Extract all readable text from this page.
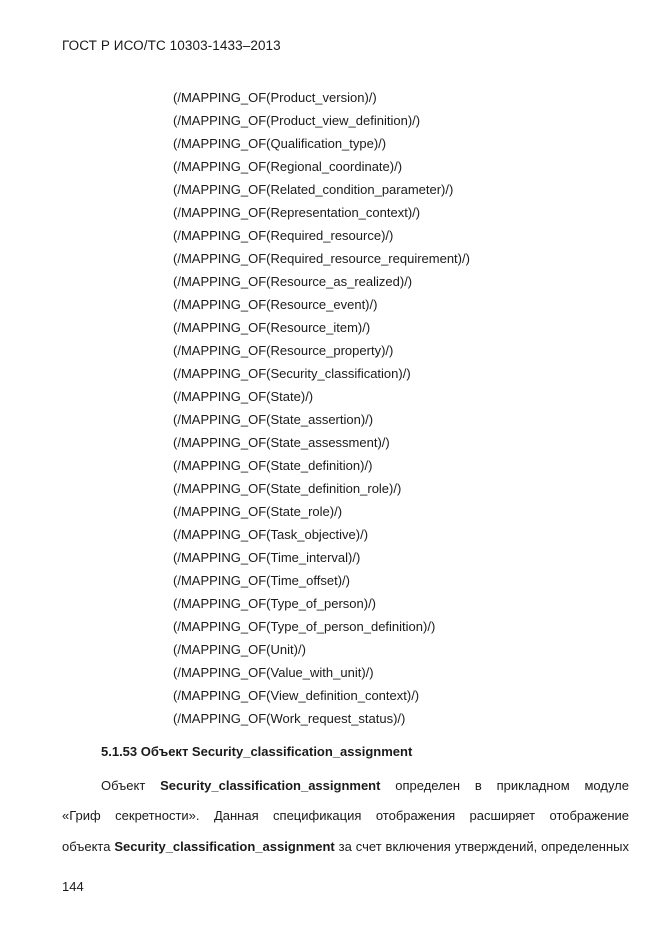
ГОСТ Р ИСО/ТС 10303-1433–2013
(/MAPPING_OF(Product_version)/)
(/MAPPING_OF(Product_view_definition)/)
(/MAPPING_OF(Qualification_type)/)
(/MAPPING_OF(Regional_coordinate)/)
(/MAPPING_OF(Related_condition_parameter)/)
(/MAPPING_OF(Representation_context)/)
(/MAPPING_OF(Required_resource)/)
(/MAPPING_OF(Required_resource_requirement)/)
(/MAPPING_OF(Resource_as_realized)/)
(/MAPPING_OF(Resource_event)/)
(/MAPPING_OF(Resource_item)/)
(/MAPPING_OF(Resource_property)/)
(/MAPPING_OF(Security_classification)/)
(/MAPPING_OF(State)/)
(/MAPPING_OF(State_assertion)/)
(/MAPPING_OF(State_assessment)/)
(/MAPPING_OF(State_definition)/)
(/MAPPING_OF(State_definition_role)/)
(/MAPPING_OF(State_role)/)
(/MAPPING_OF(Task_objective)/)
(/MAPPING_OF(Time_interval)/)
(/MAPPING_OF(Time_offset)/)
(/MAPPING_OF(Type_of_person)/)
(/MAPPING_OF(Type_of_person_definition)/)
(/MAPPING_OF(Unit)/)
(/MAPPING_OF(Value_with_unit)/)
(/MAPPING_OF(View_definition_context)/)
(/MAPPING_OF(Work_request_status)/)
5.1.53 Объект Security_classification_assignment
Объект Security_classification_assignment определен в прикладном модуле
«Гриф секретности». Данная спецификация отображения расширяет отображение
объекта Security_classification_assignment за счет включения утверждений, определенных
144
